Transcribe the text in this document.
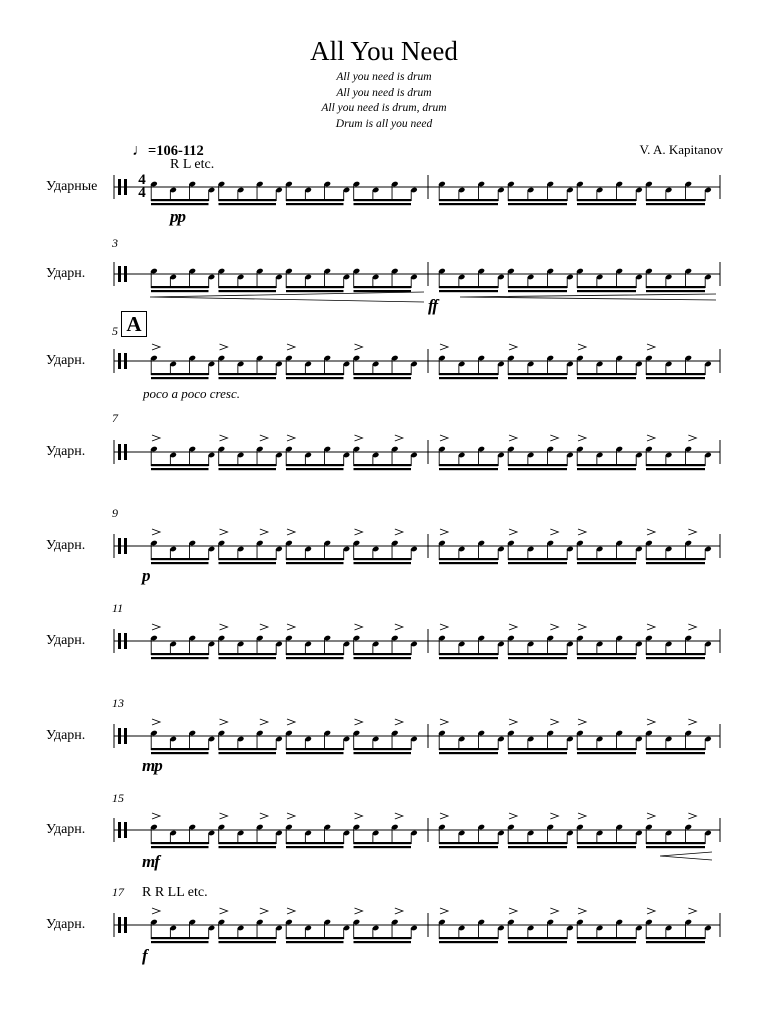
All You Need
All you need is drum
All you need is drum
All you need is drum, drum
Drum is all you need
V. A. Kapitanov
♩=106-112
A
Ударные
R L etc.
pp
3
Ударн.
ff
5
Ударн.
poco a poco cresc.
7
Ударн.
9
Ударн.
p
11
Ударн.
13
Ударн.
mp
15
Ударн.
mf
17 R R LL etc.
Ударн.
f
4
4
